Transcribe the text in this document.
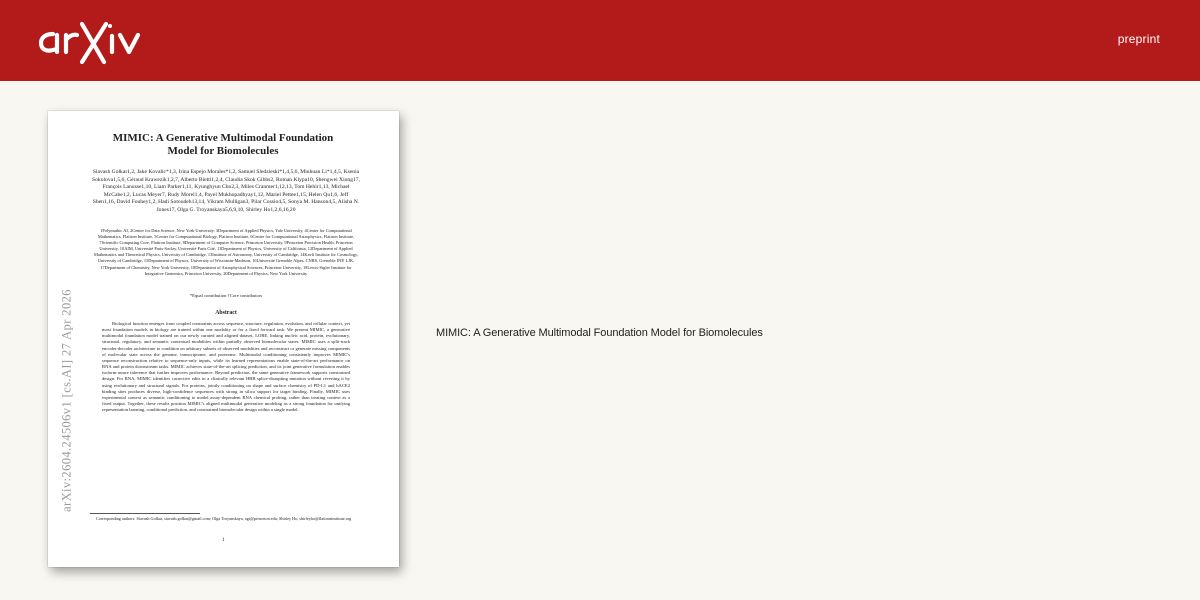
preprint
arXiv:2604.24506v1 [cs.AI] 27 Apr 2026
MIMIC: A Generative Multimodal Foundation Model for Biomolecules
Siavash Golkar1,2, Jake Kovalic*1,3, Irina Espejo Morales*1,2, Samuel Sledzieski*1,4,5,6, Minhuan Li*1,4,5, Ksenia Sokolova1,5,6, Géraud Krawezik1,2,7, Alberto Bietti1,2,4, Claudia Skok Gibbs2, Roman Klypa10, Shengwei Xiong17, François Lanusse1,10, Liam Parker1,11, Kyunghyun Cho2,3, Miles Cranmer1,12,13, Tom Hehir1,13, Michael McCabe1,2, Lucas Meyer7, Rudy Morel1,4, Payel Mukhopadhyay1,12, Mariel Pettee1,15, Helen Qu1,6, Jeff Shen1,16, David Fouhey1,2, Hadi Sotoudeh13,14, Vikram Mulligan3, Pilar Cossio4,5, Sonya M. Hanson4,5, Alisha N. Jones17, Olga G. Troyanskaya5,6,9,10, Shirley Ho1,2,6,16,20
1Polymathic AI, 2Center for Data Science, New York University, 3Department of Applied Physics, Yale University, 4Center for Computational Mathematics, Flatiron Institute, 5Center for Computational Biology, Flatiron Institute, 6Center for Computational Astrophysics, Flatiron Institute, 7Scientific Computing Core, Flatiron Institute, 8Department of Computer Science, Princeton University, 9Princeton Precision Health, Princeton University, 10AIM, Université Paris-Saclay, Université Paris Cité, 11Department of Physics, University of California, 12Department of Applied Mathematics and Theoretical Physics, University of Cambridge, 13Institute of Astronomy, University of Cambridge, 14Kavli Institute for Cosmology, University of Cambridge, 15Department of Physics, University of Wisconsin-Madison, 16Université Grenoble Alpes, CNRS, Grenoble INP, LJK, 17Department of Chemistry, New York University, 18Department of Astrophysical Sciences, Princeton University, 19Lewis-Sigler Institute for Integrative Genomics, Princeton University, 20Department of Physics, New York University
*Equal contribution †Core contributors
Abstract
Biological function emerges from coupled constraints across sequence, structure, regulation, evolution, and cellular context, yet most foundation models in biology are trained within one modality or for a fixed forward task. We present MIMIC, a generative multimodal foundation model trained on our newly curated and aligned dataset, LORE, linking nucleic acid, protein, evolutionary, structural, regulatory, and semantic contextual modalities within partially observed biomolecular states. MIMIC uses a split-track encoder-decoder architecture to condition on arbitrary subsets of observed modalities and reconstruct or generate missing components of molecular state across the genome, transcriptome, and proteome. Multimodal conditioning consistently improves MIMIC's sequence reconstruction relative to sequence-only inputs, while its learned representations enable state-of-the-art performance on RNA and protein downstream tasks. MIMIC achieves state-of-the-art splicing prediction, and its joint generative formulation enables isoform-aware inference that further improves performance. Beyond prediction, the same generative framework supports constrained design. For RNA, MIMIC identifies corrective edits in a clinically relevant HBB splice-disrupting mutation without reverting it by using evolutionary and structural signals. For proteins, jointly conditioning on shape and surface chemistry of PD-L1 and hACE2 binding sites produces diverse, high-confidence sequences with strong in silico support for target binding. Finally, MIMIC uses experimental context as semantic conditioning to model assay-dependent RNA chemical probing, rather than treating context as a fixed output. Together, these results position MIMIC's aligned multimodal generative modeling as a strong foundation for unifying representation learning, conditional prediction, and constrained biomolecular design within a single model.
Corresponding authors: Siavash Golkar, siavash.golkar@gmail.com; Olga Troyanskaya, ogt@princeton.edu; Shirley Ho, shirleyho@flatironinstitute.org
1
MIMIC: A Generative Multimodal Foundation Model for Biomolecules
